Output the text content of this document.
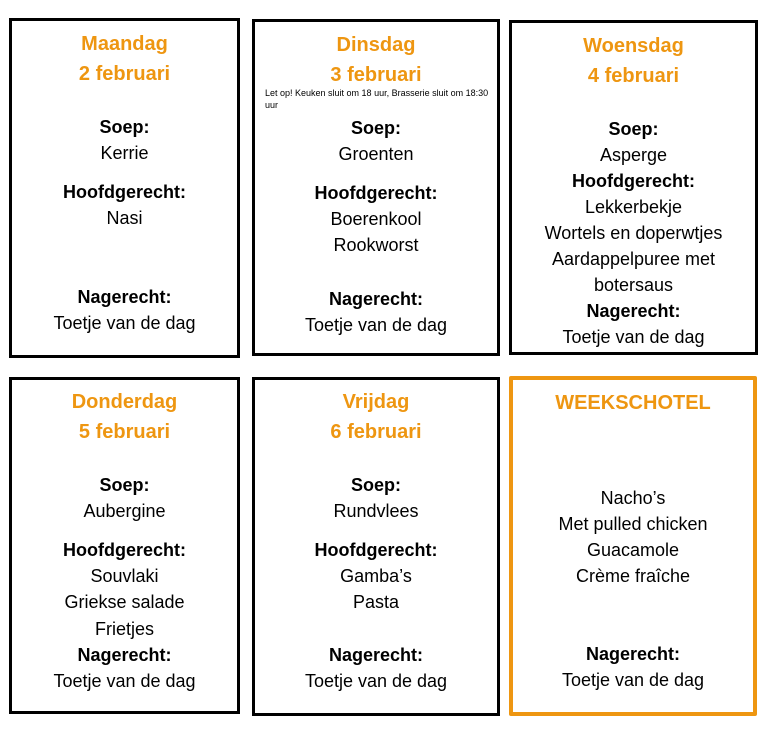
Maandag
2 februari
Soep:
Kerrie
Hoofdgerecht:
Nasi
Nagerecht:
Toetje van de dag
Dinsdag
3 februari
Let op! Keuken sluit om 18 uur, Brasserie sluit om 18:30 uur
Soep:
Groenten
Hoofdgerecht:
Boerenkool
Rookworst
Nagerecht:
Toetje van de dag
Woensdag
4 februari
Soep:
Asperge
Hoofdgerecht:
Lekkerbekje
Wortels en doperwtjes
Aardappelpuree met
botersaus
Nagerecht:
Toetje van de dag
Donderdag
5 februari
Soep:
Aubergine
Hoofdgerecht:
Souvlaki
Griekse salade
Frietjes
Nagerecht:
Toetje van de dag
Vrijdag
6 februari
Soep:
Rundvlees
Hoofdgerecht:
Gamba’s
Pasta
Nagerecht:
Toetje van de dag
WEEKSCHOTEL
Nacho’s
Met pulled chicken
Guacamole
Crème fraîche
Nagerecht:
Toetje van de dag
